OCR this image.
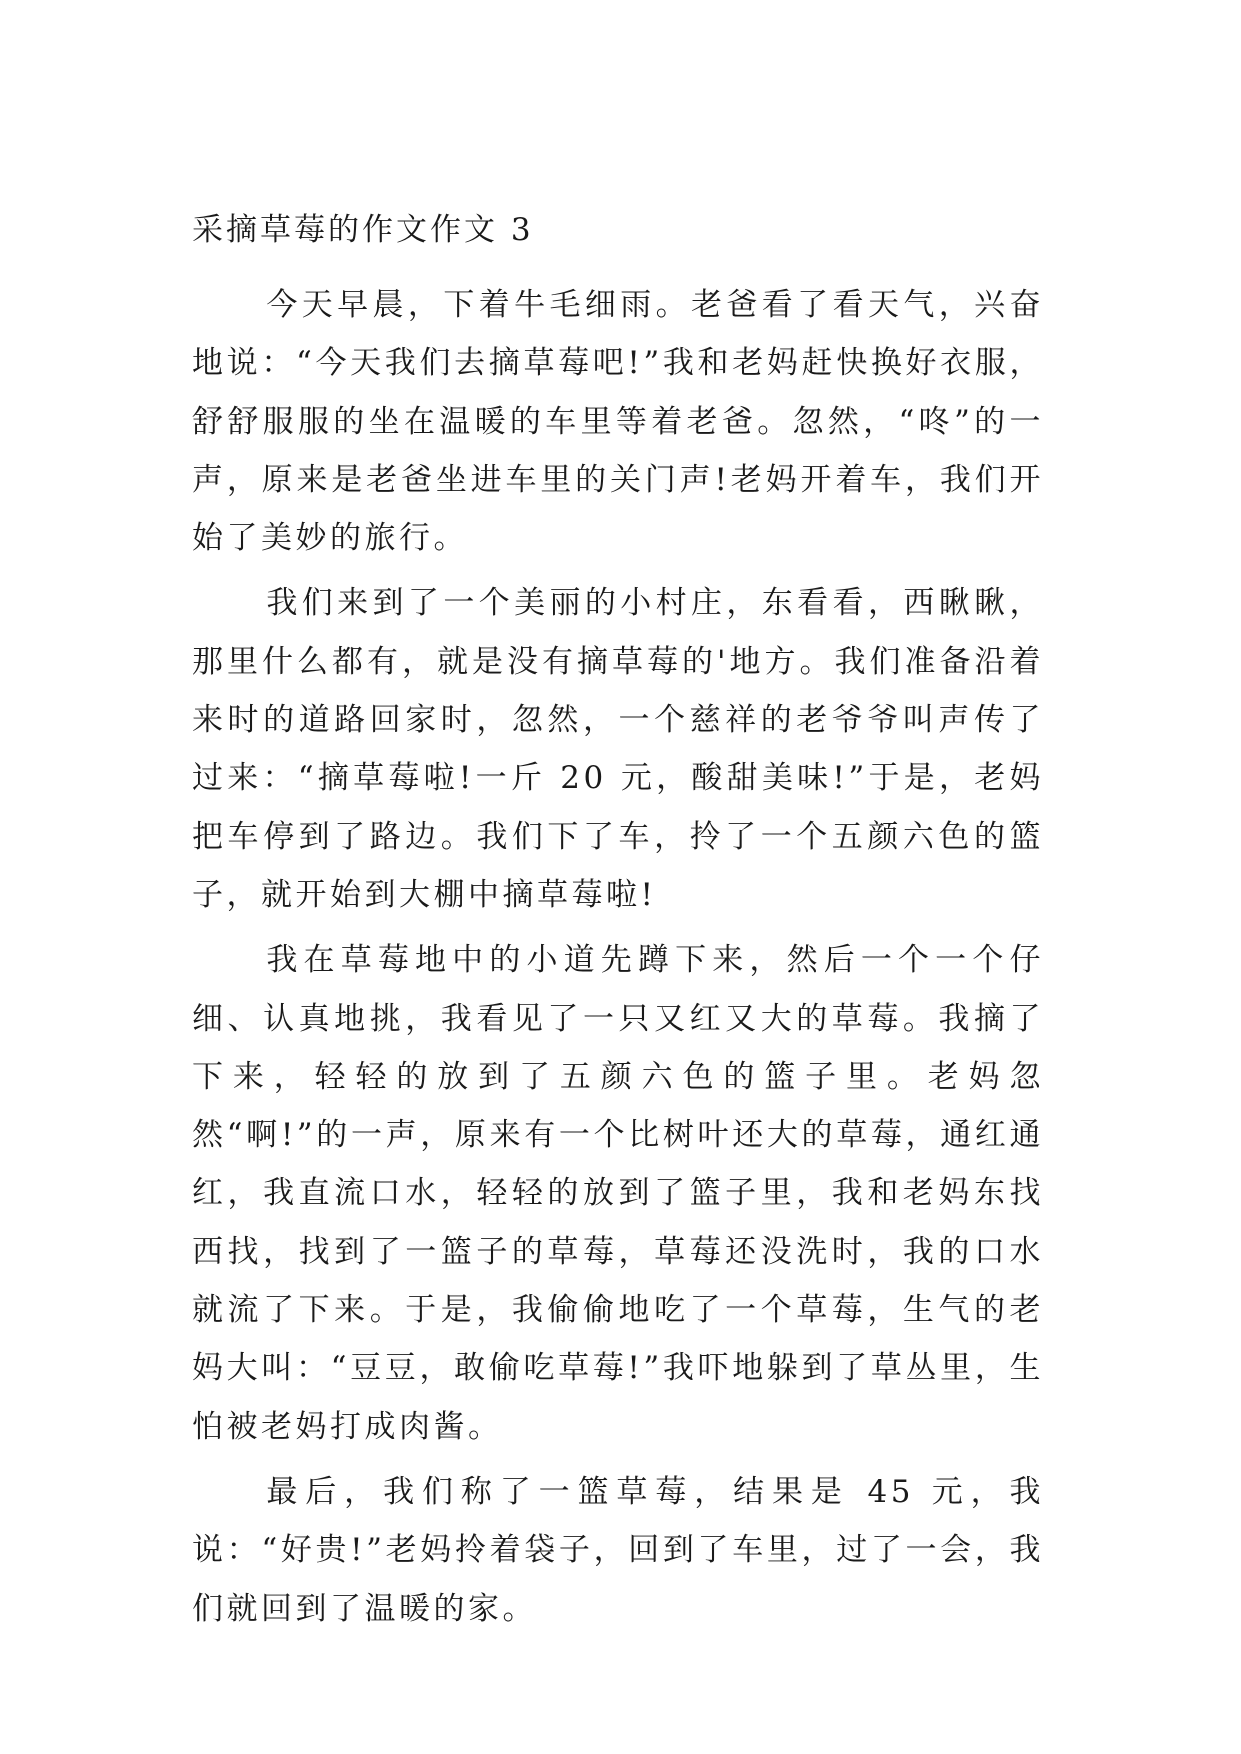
采摘草莓的作文作文 3

今天早晨，下着牛毛细雨。老爸看了看天气，兴奋地说：“今天我们去摘草莓吧!”我和老妈赶快换好衣服，舒舒服服的坐在温暖的车里等着老爸。忽然，“咚”的一声，原来是老爸坐进车里的关门声!老妈开着车，我们开始了美妙的旅行。

我们来到了一个美丽的小村庄，东看看，西瞅瞅，那里什么都有，就是没有摘草莓的'地方。我们准备沿着来时的道路回家时，忽然，一个慈祥的老爷爷叫声传了过来：“摘草莓啦!一斤 20 元，酸甜美味!”于是，老妈把车停到了路边。我们下了车，拎了一个五颜六色的篮子，就开始到大棚中摘草莓啦!

我在草莓地中的小道先蹲下来，然后一个一个仔细、认真地挑，我看见了一只又红又大的草莓。我摘了下来，轻轻的放到了五颜六色的篮子里。老妈忽然“啊!”的一声，原来有一个比树叶还大的草莓，通红通红，我直流口水，轻轻的放到了篮子里，我和老妈东找西找，找到了一篮子的草莓，草莓还没洗时，我的口水就流了下来。于是，我偷偷地吃了一个草莓，生气的老妈大叫：“豆豆，敢偷吃草莓!”我吓地躲到了草丛里，生怕被老妈打成肉酱。

最后，我们称了一篮草莓，结果是 45 元，我说：“好贵!”老妈拎着袋子，回到了车里，过了一会，我们就回到了温暖的家。
